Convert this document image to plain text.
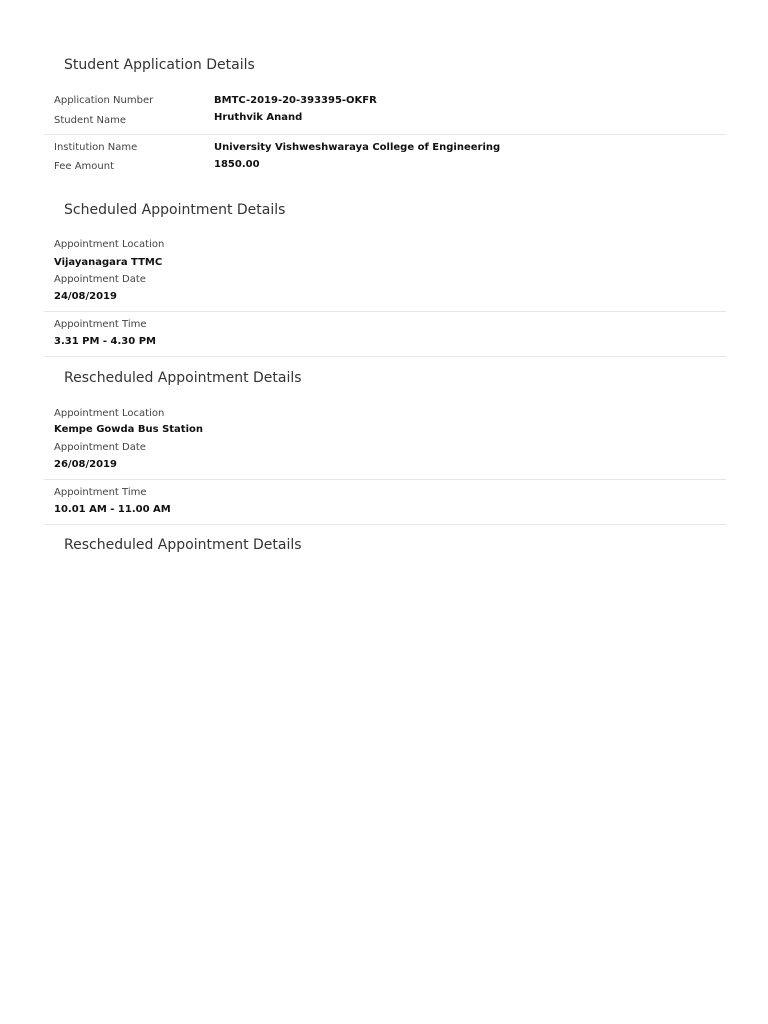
Student Application Details
Application Number	BMTC-2019-20-393395-OKFR
Student Name	Hruthvik Anand
Institution Name	University Vishweshwaraya College of Engineering
Fee Amount	1850.00
Scheduled Appointment Details
Appointment Location
Vijayanagara TTMC
Appointment Date
24/08/2019
Appointment Time
3.31 PM - 4.30 PM
Rescheduled Appointment Details
Appointment Location
Kempe Gowda Bus Station
Appointment Date
26/08/2019
Appointment Time
10.01 AM - 11.00 AM
Rescheduled Appointment Details
